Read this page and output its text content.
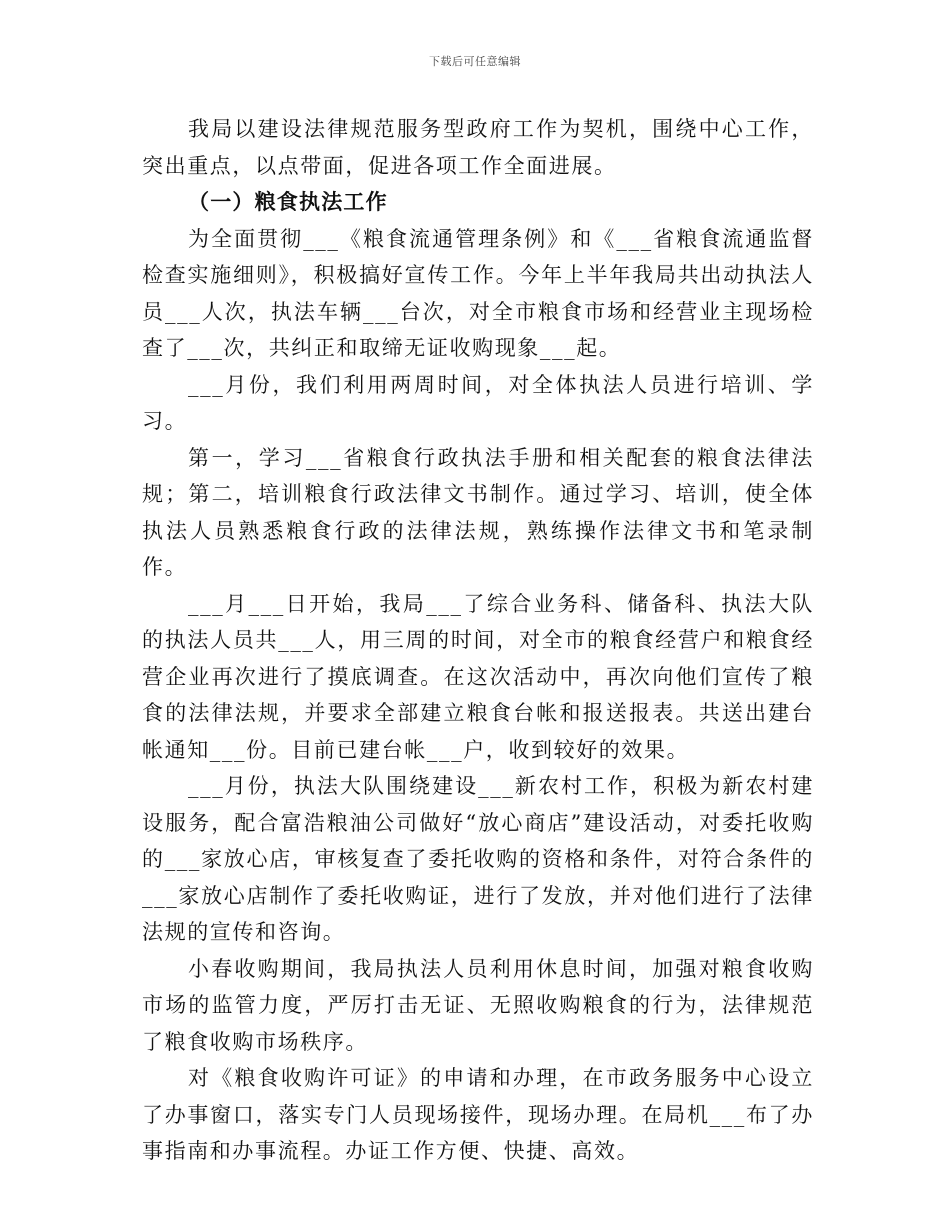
下载后可任意编辑

我局以建设法律规范服务型政府工作为契机，围绕中心工作，突出重点，以点带面，促进各项工作全面进展。

（一）粮食执法工作

为全面贯彻___《粮食流通管理条例》和《___省粮食流通监督检查实施细则》，积极搞好宣传工作。今年上半年我局共出动执法人员___人次，执法车辆___台次，对全市粮食市场和经营业主现场检查了___次，共纠正和取缔无证收购现象___起。

___月份，我们利用两周时间，对全体执法人员进行培训、学习。

第一，学习___省粮食行政执法手册和相关配套的粮食法律法规；第二，培训粮食行政法律文书制作。通过学习、培训，使全体执法人员熟悉粮食行政的法律法规，熟练操作法律文书和笔录制作。

___月___日开始，我局___了综合业务科、储备科、执法大队的执法人员共___人，用三周的时间，对全市的粮食经营户和粮食经营企业再次进行了摸底调查。在这次活动中，再次向他们宣传了粮食的法律法规，并要求全部建立粮食台帐和报送报表。共送出建台帐通知___份。目前已建台帐___户，收到较好的效果。

___月份，执法大队围绕建设___新农村工作，积极为新农村建设服务，配合富浩粮油公司做好“放心商店”建设活动，对委托收购的___家放心店，审核复查了委托收购的资格和条件，对符合条件的___家放心店制作了委托收购证，进行了发放，并对他们进行了法律法规的宣传和咨询。

小春收购期间，我局执法人员利用休息时间，加强对粮食收购市场的监管力度，严厉打击无证、无照收购粮食的行为，法律规范了粮食收购市场秩序。

对《粮食收购许可证》的申请和办理，在市政务服务中心设立了办事窗口，落实专门人员现场接件，现场办理。在局机___布了办事指南和办事流程。办证工作方便、快捷、高效。
